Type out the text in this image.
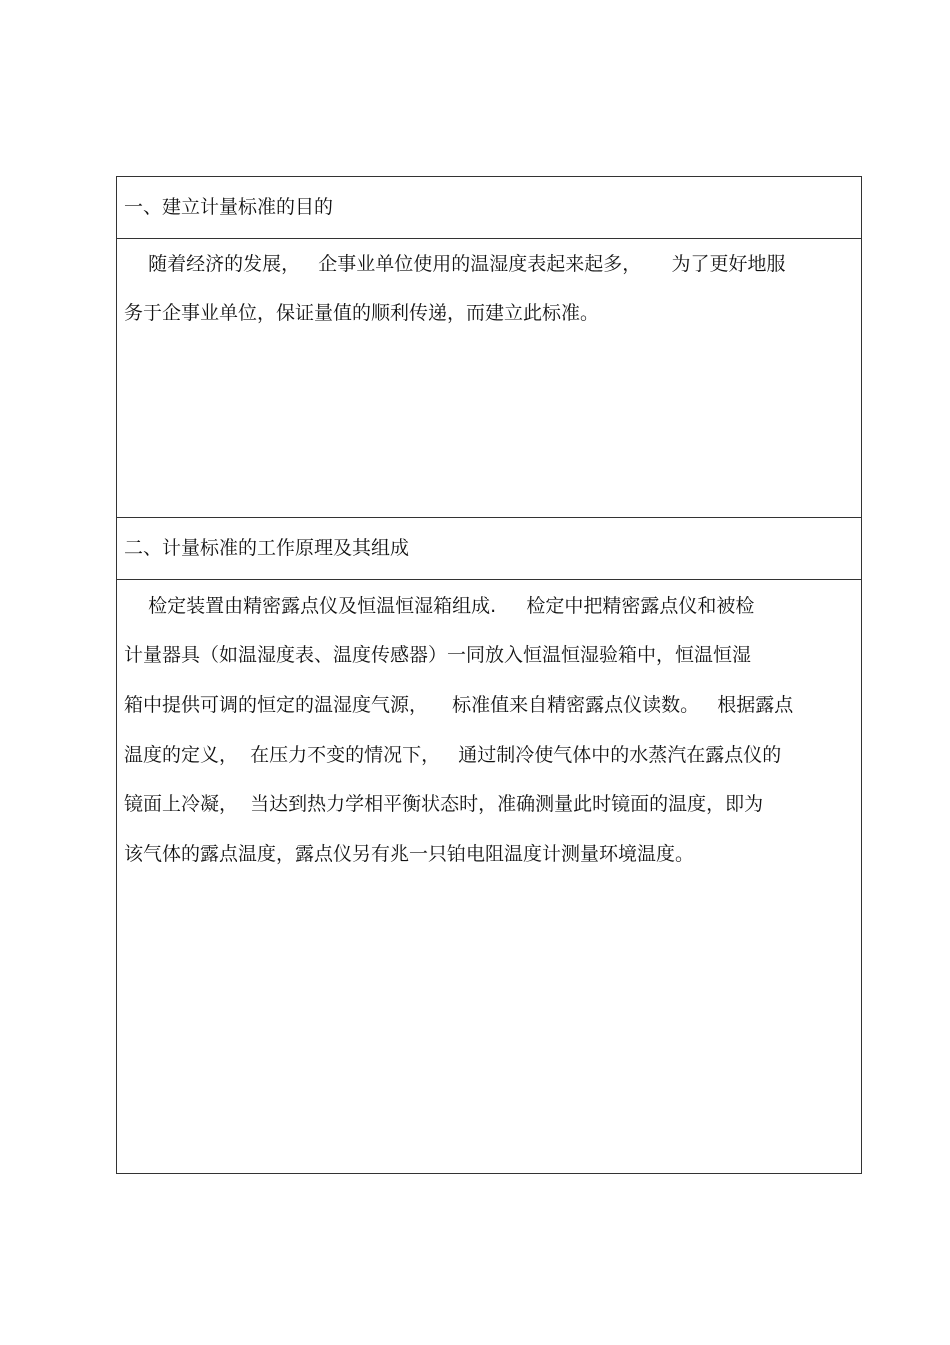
一、建立计量标准的目的
随着经济的发展，   企事业单位使用的温湿度表起来起多，     为了更好地服
务于企事业单位，保证量值的顺利传递，而建立此标准。
二、计量标准的工作原理及其组成
检定装置由精密露点仪及恒温恒湿箱组成.     检定中把精密露点仪和被检
计量器具（如温湿度表、温度传感器）一同放入恒温恒湿验箱中，恒温恒湿
箱中提供可调的恒定的温湿度气源，    标准值来自精密露点仪读数。   根据露点
温度的定义，  在压力不变的情况下，   通过制冷使气体中的水蒸汽在露点仪的
镜面上冷凝，  当达到热力学相平衡状态时，准确测量此时镜面的温度，即为
该气体的露点温度，露点仪另有兆一只铂电阻温度计测量环境温度。
